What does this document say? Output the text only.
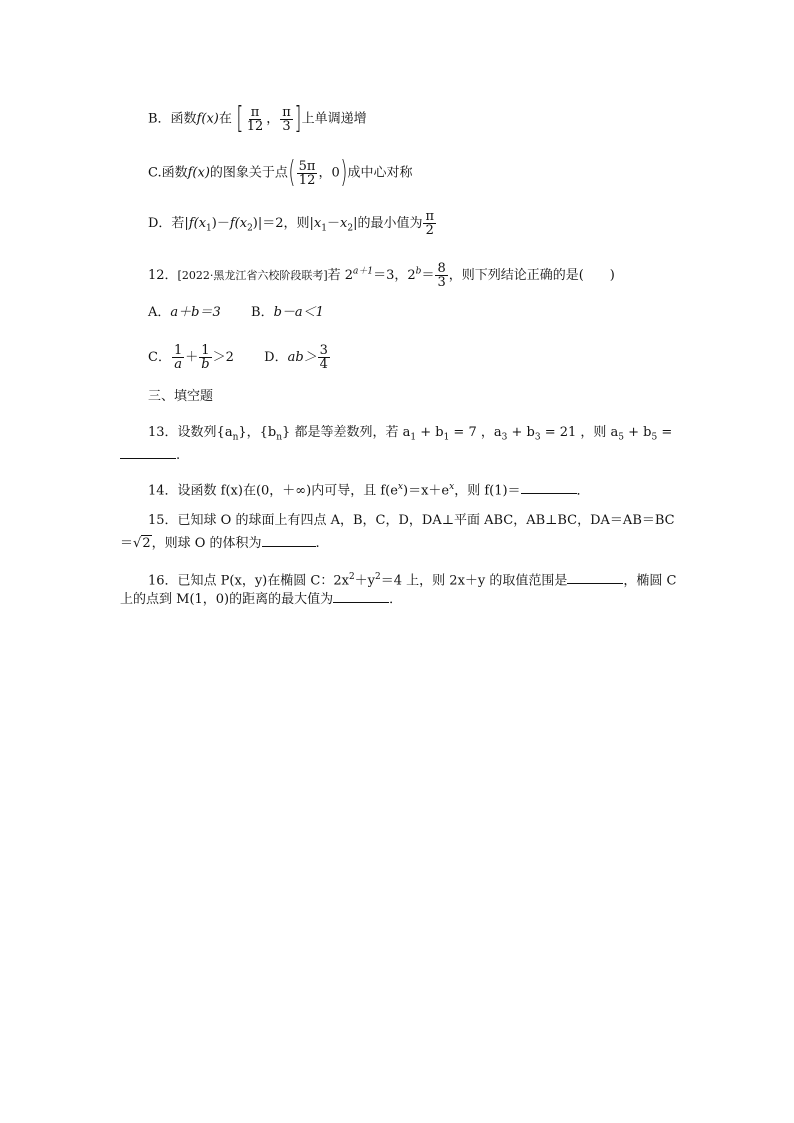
B．函数f(x)在 [ $\frac{\pi}{12}$ ， $\frac{\pi}{3}$ ]上单调递增
C.函数f(x)的图象关于点( $\frac{5\pi}{12}$ ，0)成中心对称
D．若$|f(x_1)-f(x_2)|=2$，则$|x_1-x_2|$的最小值为 $\frac{\pi}{2}$
12．[2022·黑龙江省六校阶段联考]若 $2^{a+1}=3$，$2^b= \frac{8}{3}$ ，则下列结论正确的是(　　)
A．a＋b＝3 B．b－a＜1
C． $\frac{1}{a} + \frac{1}{b} >2$ D．$ab> \frac{3}{4}$
三、填空题
13．设数列$\{a_n\}$，$\{b_n\}$ 都是等差数列，若 $a_1 + b_1 = 7$ ，$a_3 + b_3 = 21$ ，则 $a_5 + b_5$ =
.
14．设函数 f(x)在(0，＋∞)内可导，且 $f(e^x)=x+e^x$，则 f(1)＝	．
15．已知球 O 的球面上有四点 A，B，C，D，DA⊥平面 ABC，AB⊥BC，DA＝AB＝BC
＝√2，则球 O 的体积为	.
16．已知点 P(x，y)在椭圆 C：$2x^2+y^2=4$ 上，则 2x＋y 的取值范围是	，椭圆 C
上的点到 M(1，0)的距离的最大值为	．
